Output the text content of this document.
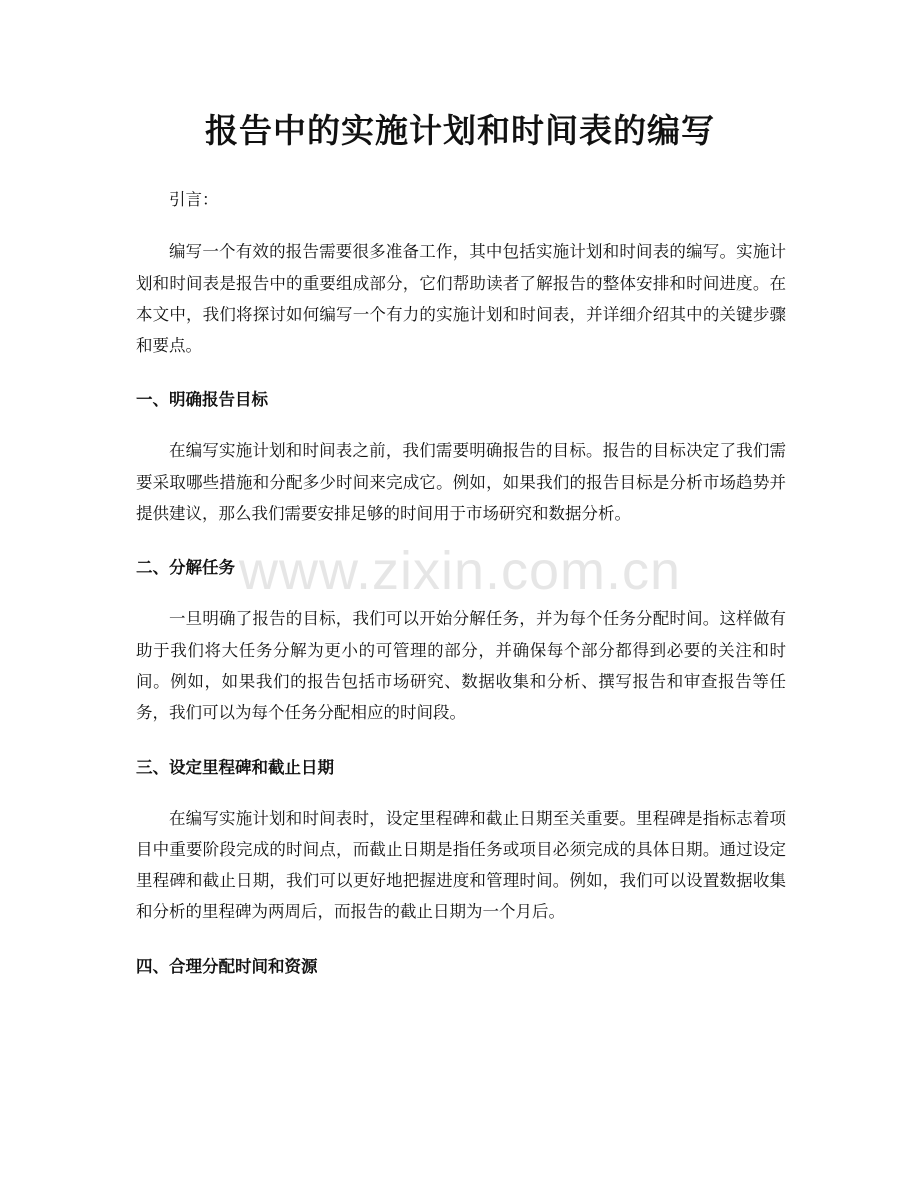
报告中的实施计划和时间表的编写

引言：

编写一个有效的报告需要很多准备工作，其中包括实施计划和时间表的编写。实施计划和时间表是报告中的重要组成部分，它们帮助读者了解报告的整体安排和时间进度。在本文中，我们将探讨如何编写一个有力的实施计划和时间表，并详细介绍其中的关键步骤和要点。

一、明确报告目标

在编写实施计划和时间表之前，我们需要明确报告的目标。报告的目标决定了我们需要采取哪些措施和分配多少时间来完成它。例如，如果我们的报告目标是分析市场趋势并提供建议，那么我们需要安排足够的时间用于市场研究和数据分析。

二、分解任务

一旦明确了报告的目标，我们可以开始分解任务，并为每个任务分配时间。这样做有助于我们将大任务分解为更小的可管理的部分，并确保每个部分都得到必要的关注和时间。例如，如果我们的报告包括市场研究、数据收集和分析、撰写报告和审查报告等任务，我们可以为每个任务分配相应的时间段。

三、设定里程碑和截止日期

在编写实施计划和时间表时，设定里程碑和截止日期至关重要。里程碑是指标志着项目中重要阶段完成的时间点，而截止日期是指任务或项目必须完成的具体日期。通过设定里程碑和截止日期，我们可以更好地把握进度和管理时间。例如，我们可以设置数据收集和分析的里程碑为两周后，而报告的截止日期为一个月后。

四、合理分配时间和资源
www.zixin.com.cn
